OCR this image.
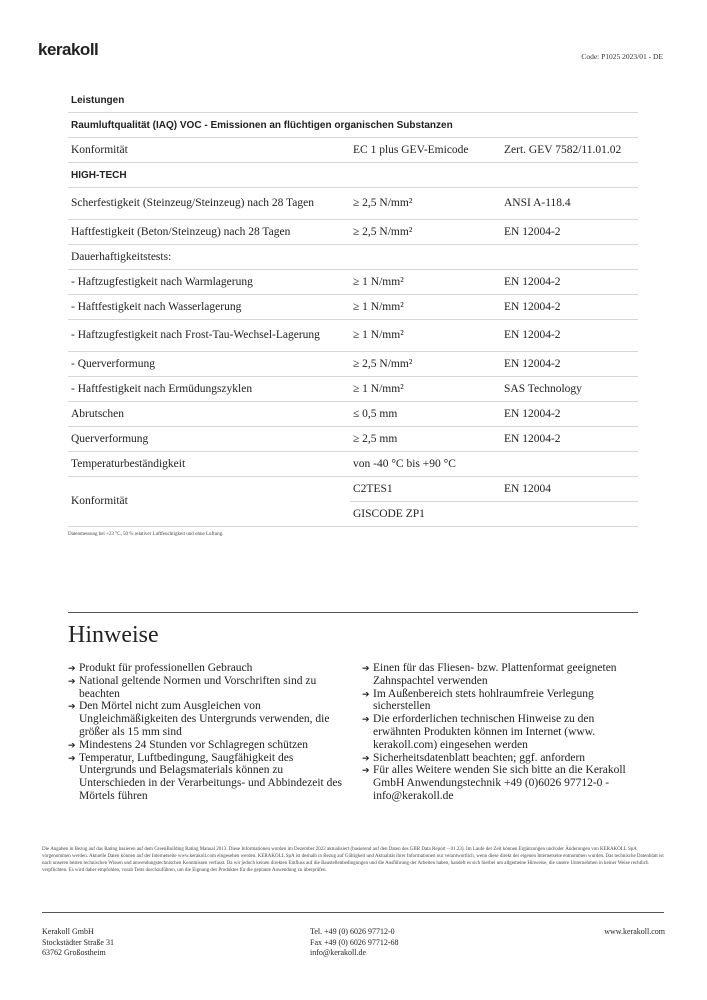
kerakoll	Code: P1025 2023/01 - DE
Leistungen		
Raumluftqualität (IAQ) VOC - Emissionen an flüchtigen organischen Substanzen		
Konformität	EC 1 plus GEV-Emicode	Zert. GEV 7582/11.01.02
HIGH-TECH		
Scherfestigkeit (Steinzeug/Steinzeug) nach 28 Tagen	≥ 2,5 N/mm²	ANSI A-118.4
Haftfestigkeit (Beton/Steinzeug) nach 28 Tagen	≥ 2,5 N/mm²	EN 12004-2
Dauerhaftigkeitstests:		
- Haftzugfestigkeit nach Warmlagerung	≥ 1 N/mm²	EN 12004-2
- Haftfestigkeit nach Wasserlagerung	≥ 1 N/mm²	EN 12004-2
- Haftzugfestigkeit nach Frost-Tau-Wechsel-Lagerung	≥ 1 N/mm²	EN 12004-2
- Querverformung	≥ 2,5 N/mm²	EN 12004-2
- Haftfestigkeit nach Ermüdungszyklen	≥ 1 N/mm²	SAS Technology
Abrutschen	≤ 0,5 mm	EN 12004-2
Querverformung	≥ 2,5 mm	EN 12004-2
Temperaturbeständigkeit	von -40 °C bis +90 °C	
Konformität	C2TES1	EN 12004
	GISCODE ZP1	
Datenmessung bei +23 °C, 50 % relativer Luftfeuchtigkeit und ohne Luftung.
Hinweise

➔ Produkt für professionellen Gebrauch

➔ National geltende Normen und Vorschriften sind zu beachten

➔ Den Mörtel nicht zum Ausgleichen von Ungleichmäßigkeiten des Untergrunds verwenden, die größer als 15 mm sind

➔ Mindestens 24 Stunden vor Schlagregen schützen

➔ Temperatur, Luftbedingung, Saugfähigkeit des Untergrunds und Belagsmaterials können zu Unterschieden in der Verarbeitungs- und Abbindezeit des Mörtels führen

➔ Einen für das Fliesen- bzw. Plattenformat geeigneten Zahnspachtel verwenden

➔ Im Außenbereich stets hohlraumfreie Verlegung sicherstellen

➔ Die erforderlichen technischen Hinweise zu den erwähnten Produkten können im Internet (www. kerakoll.com) eingesehen werden

➔ Sicherheitsdatenblatt beachten; ggf. anfordern

➔ Für alles Weitere wenden Sie sich bitte an die Kerakoll GmbH Anwendungstechnik +49 (0)6026 97712-0 - info@kerakoll.de

Die Angaben in Bezug auf das Rating basieren auf dem GreenBuilding Rating Manual 2013. Diese Informationen wurden im Dezember 2022 aktualisiert (basierend auf den Daten des GBR Data Report – 01.23). Im Laufe der Zeit können Ergänzungen und/oder Änderungen von KERAKOLL SpA vorgenommen werden. Aktuelle Daten können auf der Internetseite www.kerakoll.com eingesehen werden. KERAKOLL SpA ist deshalb in Bezug auf Gültigkeit und Aktualität ihrer Informationen nur verantwortlich, wenn diese direkt der eigenen Internetseite entnommen wurden. Das technische Datenblatt ist nach unseren besten technischen Wissen und anwendungstechnischen Kenntnissen verfasst. Da wir jedoch keinen direkten Einfluss auf die Baustellenbedingungen und die Ausführung der Arbeiten haben, handelt es sich hierbei um allgemeine Hinweise, die unsere Unternehmen in keiner Weise rechtlich verpflichten. Es wird daher empfohlen, vorab Tests durchzuführen, um die Eignung des Produktes für die geplante Anwendung zu überprüfen.
Kerakoll GmbH
Stockstädter Straße 31
63762 Großostheim
Tel. +49 (0) 6026 97712-0
Fax +49 (0) 6026 97712-68
info@kerakoll.de
www.kerakoll.com
